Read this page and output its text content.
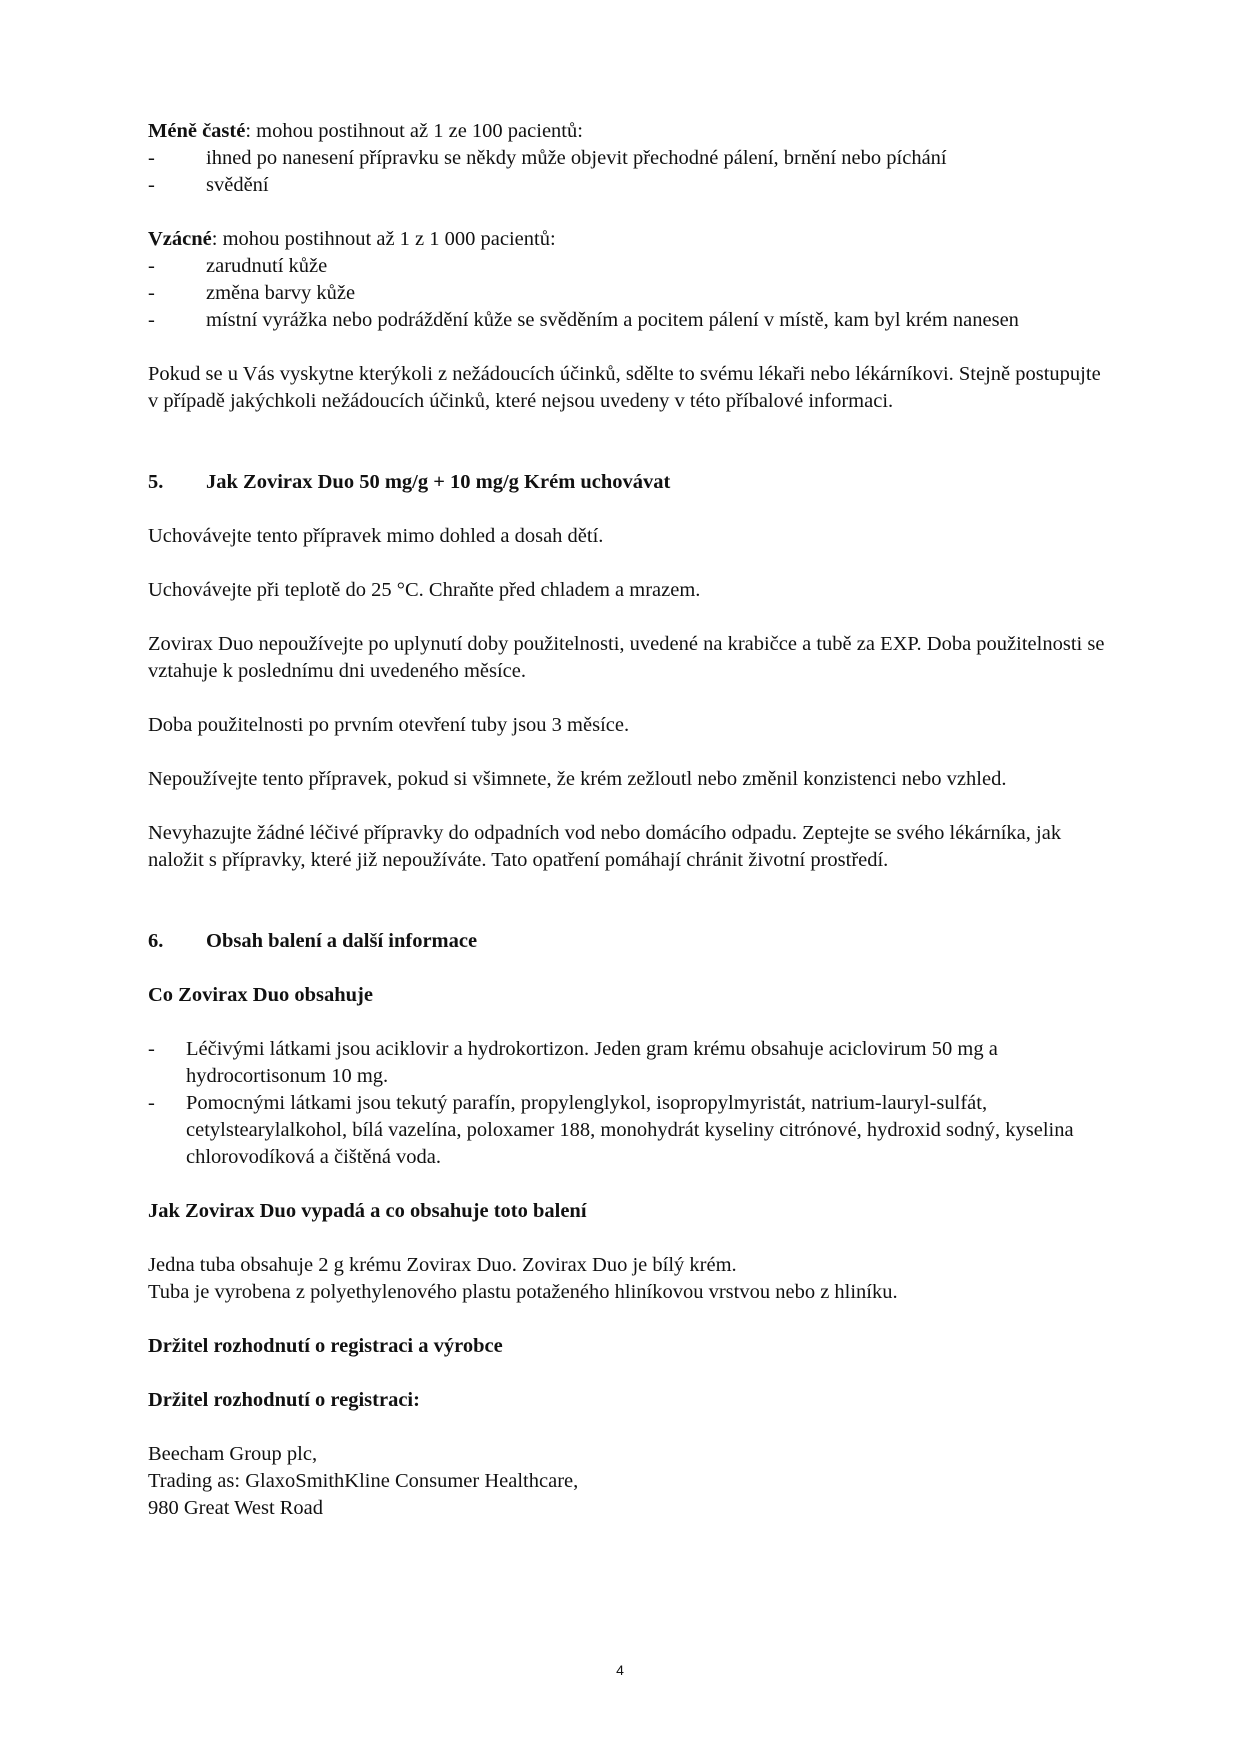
Méně časté: mohou postihnout až 1 ze 100 pacientů:

-	ihned po nanesení přípravku se někdy může objevit přechodné pálení, brnění nebo píchání
-	svědění

Vzácné: mohou postihnout až 1 z 1 000 pacientů:

-	zarudnutí kůže
-	změna barvy kůže
-	místní vyrážka nebo podráždění kůže se svěděním a pocitem pálení v místě, kam byl krém nanesen

Pokud se u Vás vyskytne kterýkoli z nežádoucích účinků, sdělte to svému lékaři nebo lékárníkovi. Stejně postupujte v případě jakýchkoli nežádoucích účinků, které nejsou uvedeny v této příbalové informaci.

5.	Jak Zovirax Duo 50 mg/g + 10 mg/g Krém uchovávat

Uchovávejte tento přípravek mimo dohled a dosah dětí.

Uchovávejte při teplotě do 25 °C. Chraňte před chladem a mrazem.

Zovirax Duo nepoužívejte po uplynutí doby použitelnosti, uvedené na krabičce a tubě za EXP. Doba použitelnosti se vztahuje k poslednímu dni uvedeného měsíce.

Doba použitelnosti po prvním otevření tuby jsou 3 měsíce.

Nepoužívejte tento přípravek, pokud si všimnete, že krém zežloutl nebo změnil konzistenci nebo vzhled.

Nevyhazujte žádné léčivé přípravky do odpadních vod nebo domácího odpadu. Zeptejte se svého lékárníka, jak naložit s přípravky, které již nepoužíváte. Tato opatření pomáhají chránit životní prostředí.

6.	Obsah balení a další informace

Co Zovirax Duo obsahuje

-	Léčivými látkami jsou aciklovir a hydrokortizon. Jeden gram krému obsahuje aciclovirum 50 mg a hydrocortisonum 10 mg.
-	Pomocnými látkami jsou tekutý parafín, propylenglykol, isopropylmyristát, natrium-lauryl-sulfát, cetylstearylalkohol, bílá vazelína, poloxamer 188, monohydrát kyseliny citrónové, hydroxid sodný, kyselina chlorovodíková a čištěná voda.

Jak Zovirax Duo vypadá a co obsahuje toto balení

Jedna tuba obsahuje 2 g krému Zovirax Duo. Zovirax Duo je bílý krém.

Tuba je vyrobena z polyethylenového plastu potaženého hliníkovou vrstvou nebo z hliníku.

Držitel rozhodnutí o registraci a výrobce

Držitel rozhodnutí o registraci:

Beecham Group plc,

Trading as: GlaxoSmithKline Consumer Healthcare,

980 Great West Road

4
